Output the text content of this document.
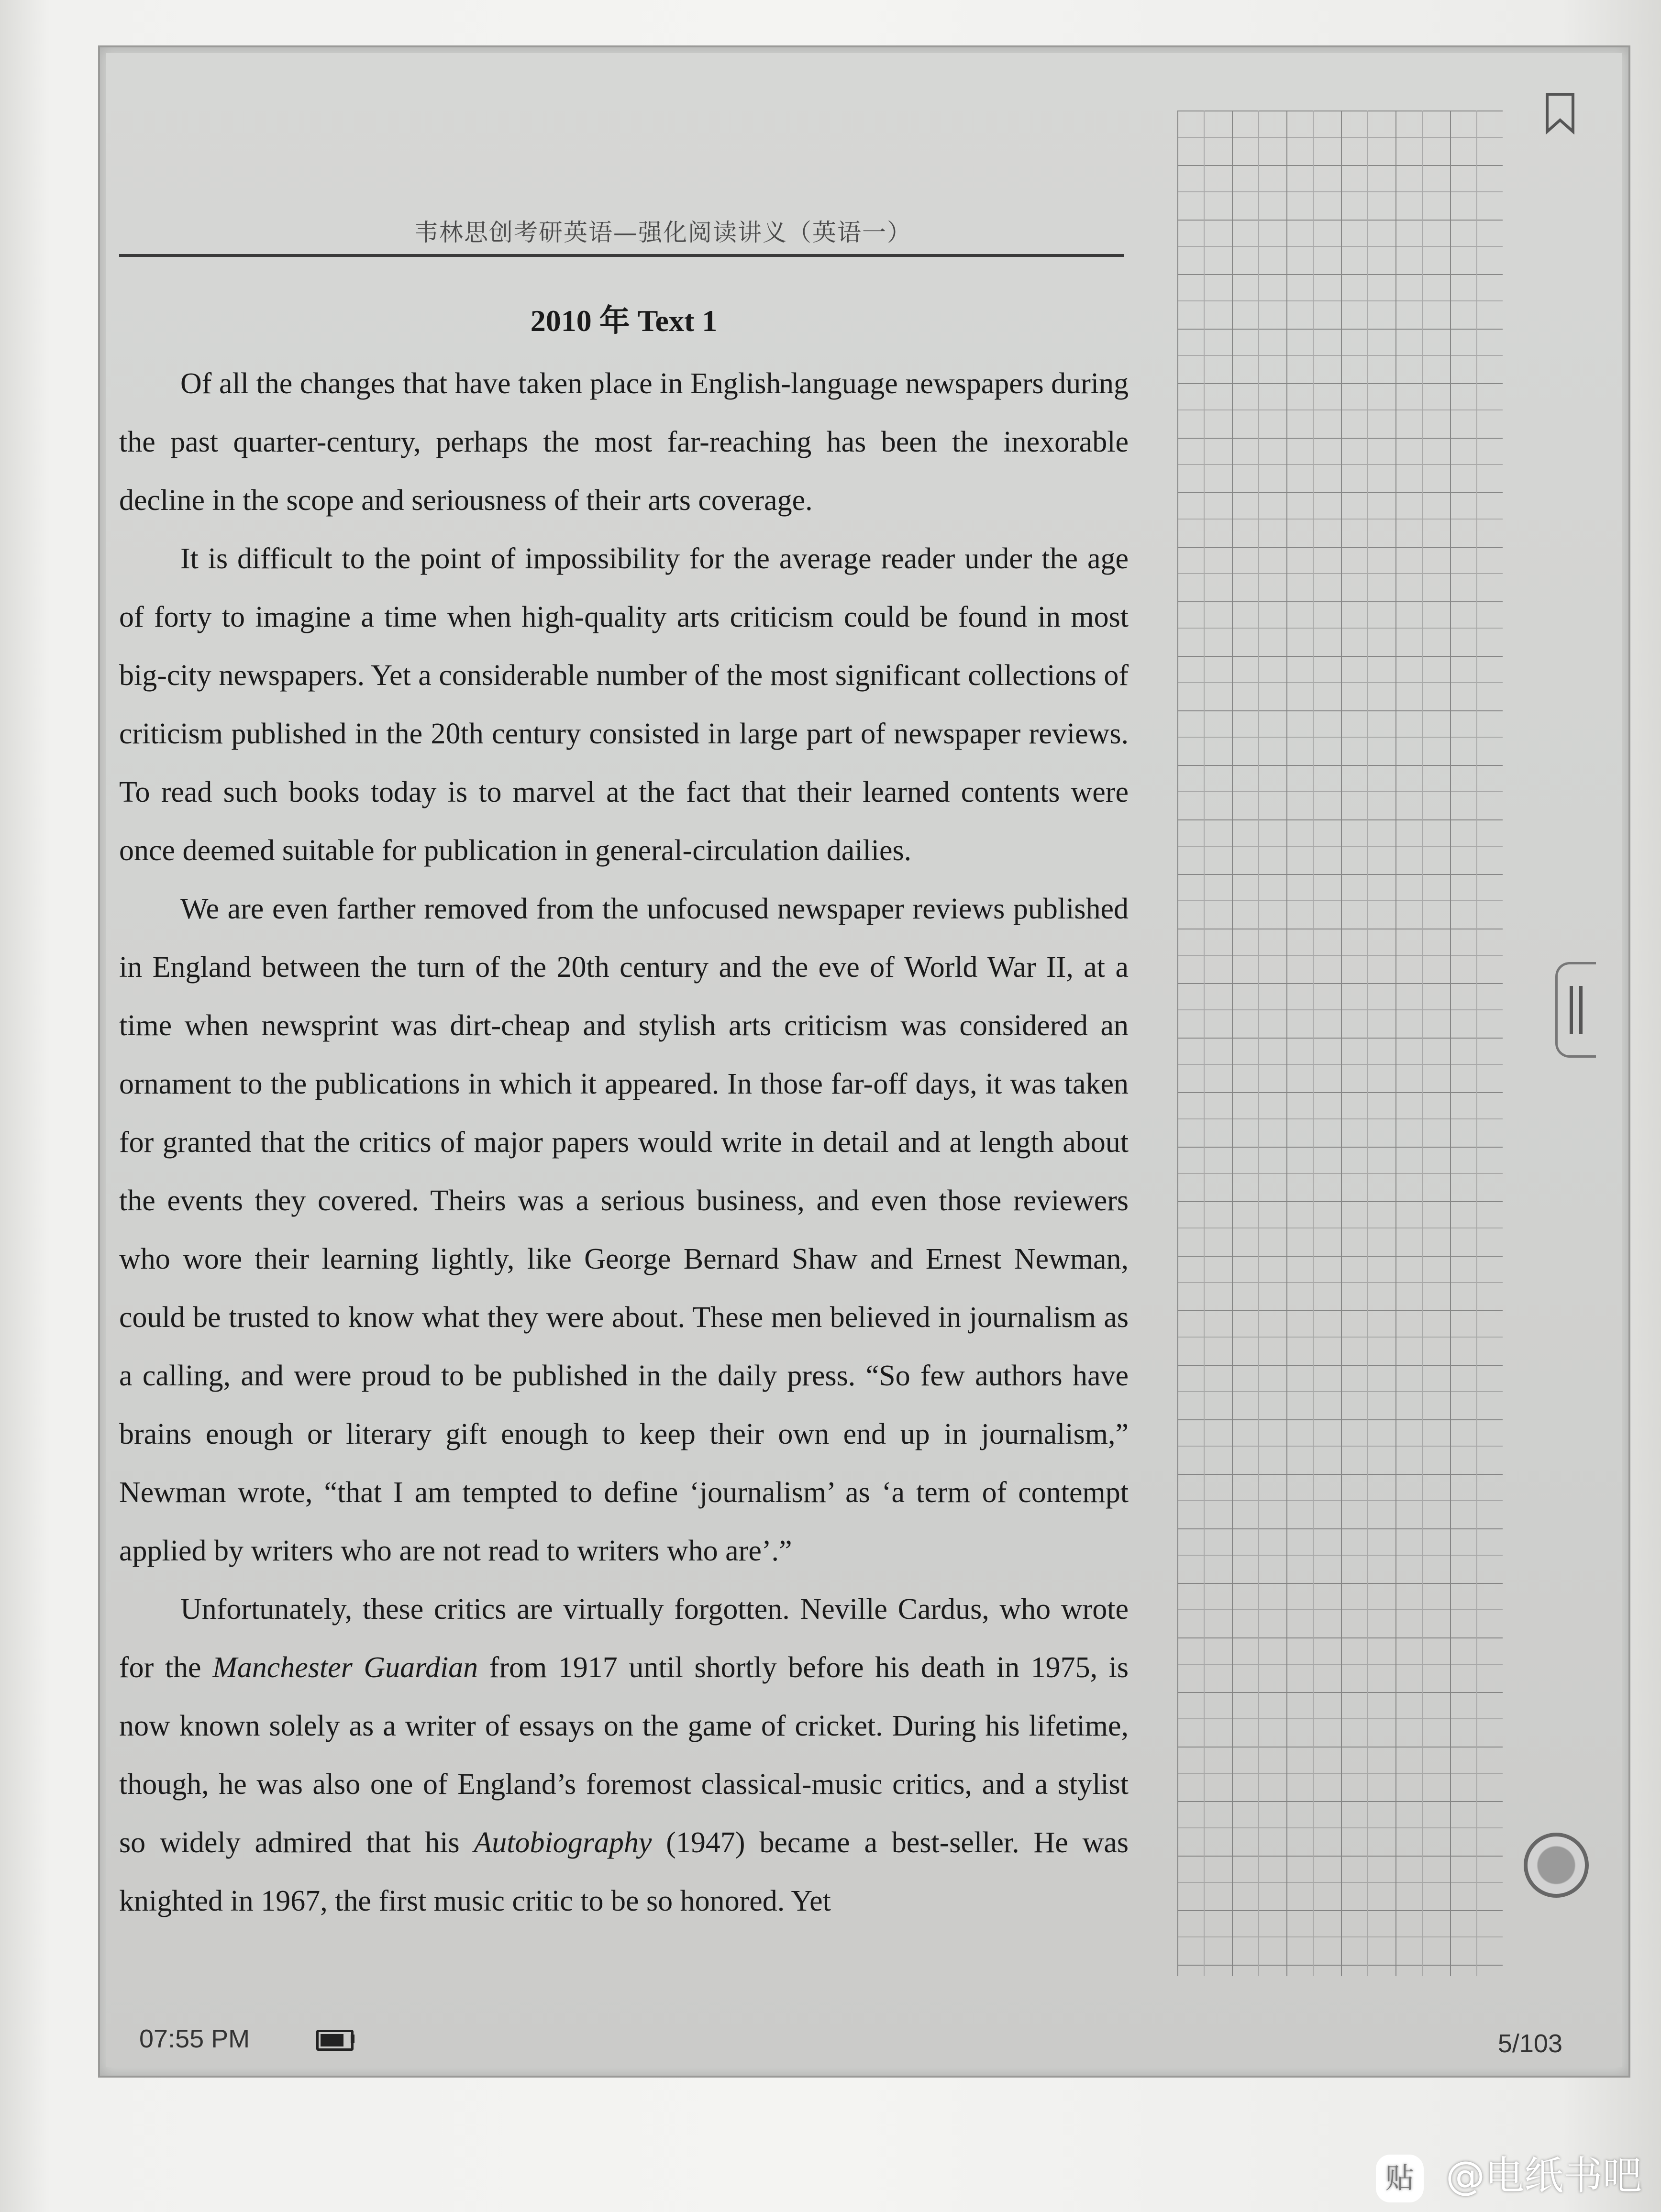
韦林思创考研英语—强化阅读讲义（英语一）
2010 年 Text 1

Of all the changes that have taken place in English-language newspapers during the past quarter-century, perhaps the most far-reaching has been the inexorable decline in the scope and seriousness of their arts coverage.

It is difficult to the point of impossibility for the average reader under the age of forty to imagine a time when high-quality arts criticism could be found in most big-city newspapers. Yet a considerable number of the most significant collections of criticism published in the 20th century consisted in large part of newspaper reviews. To read such books today is to marvel at the fact that their learned contents were once deemed suitable for publication in general-circulation dailies.

We are even farther removed from the unfocused newspaper reviews published in England between the turn of the 20th century and the eve of World War II, at a time when newsprint was dirt-cheap and stylish arts criticism was considered an ornament to the publications in which it appeared. In those far-off days, it was taken for granted that the critics of major papers would write in detail and at length about the events they covered. Theirs was a serious business, and even those reviewers who wore their learning lightly, like George Bernard Shaw and Ernest Newman, could be trusted to know what they were about. These men believed in journalism as a calling, and were proud to be published in the daily press. “So few authors have brains enough or literary gift enough to keep their own end up in journalism,” Newman wrote, “that I am tempted to define ‘journalism’ as ‘a term of contempt applied by writers who are not read to writers who are’.”

Unfortunately, these critics are virtually forgotten. Neville Cardus, who wrote for the Manchester Guardian from 1917 until shortly before his death in 1975, is now known solely as a writer of essays on the game of cricket. During his lifetime, though, he was also one of England’s foremost classical-music critics, and a stylist so widely admired that his Autobiography (1947) became a best-seller. He was knighted in 1967, the first music critic to be so honored. Yet

07:55 PM	5/103
贴 @电纸书吧
